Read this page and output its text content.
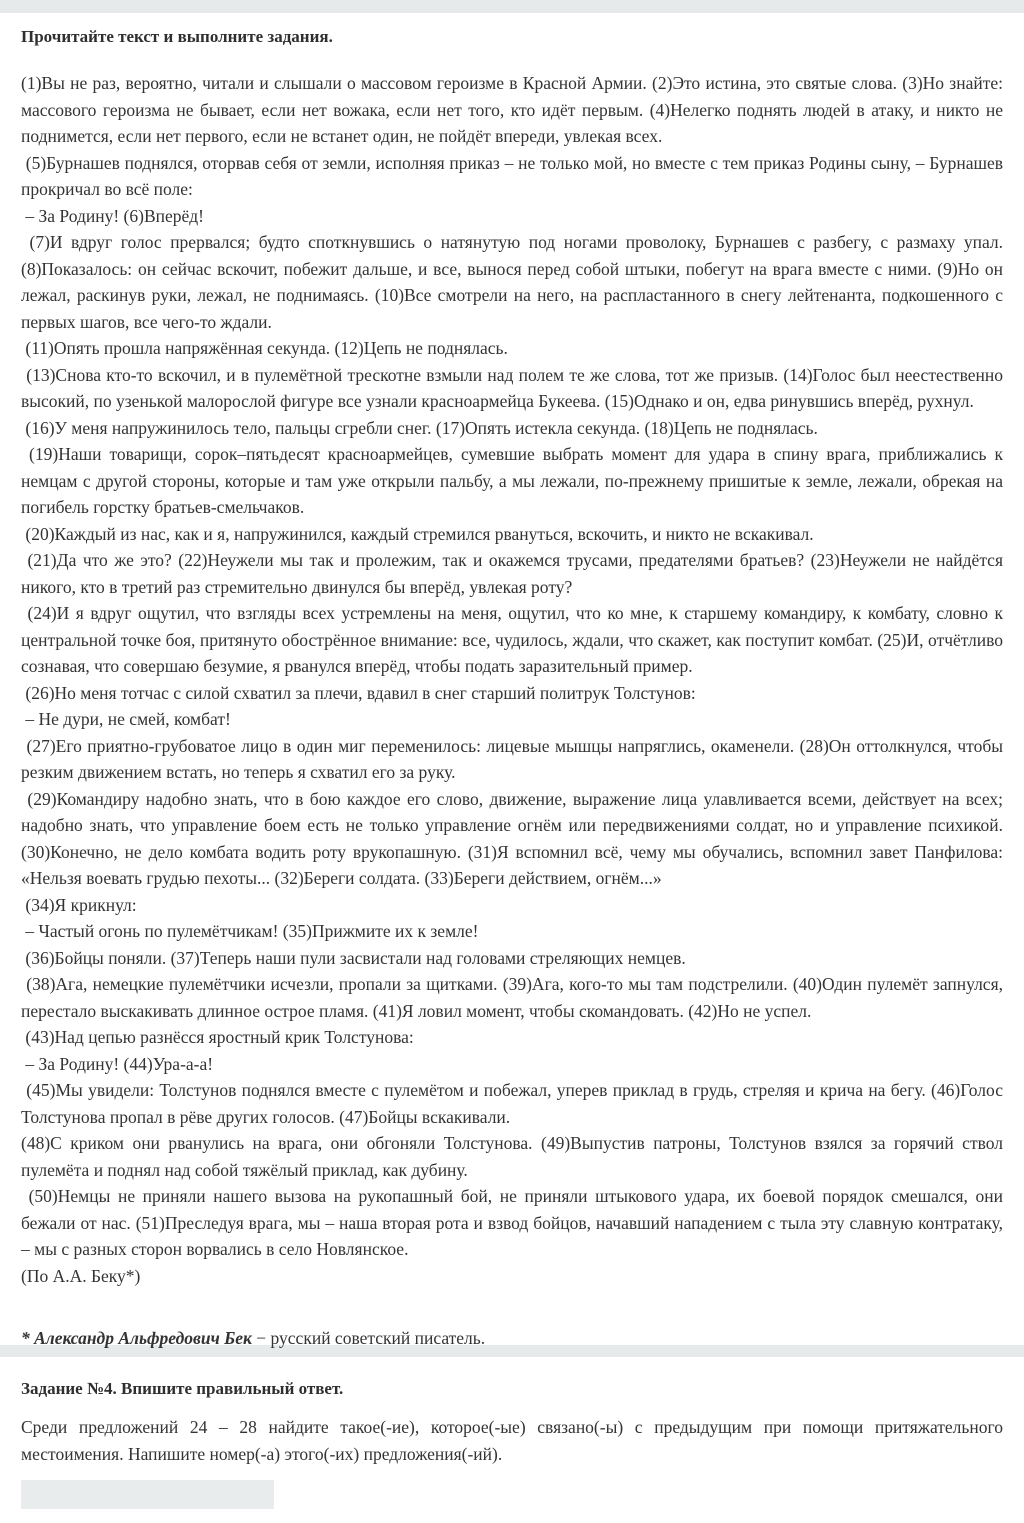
Прочитайте текст и выполните задания.

(1)Вы не раз, вероятно, читали и слышали о массовом героизме в Красной Армии. (2)Это истина, это святые слова. (3)Но знайте: массового героизма не бывает, если нет вожака, если нет того, кто идёт первым. (4)Нелегко поднять людей в атаку, и никто не поднимется, если нет первого, если не встанет один, не пойдёт впереди, увлекая всех.

(5)Бурнашев поднялся, оторвав себя от земли, исполняя приказ – не только мой, но вместе с тем приказ Родины сыну, – Бурнашев прокричал во всё поле:

– За Родину! (6)Вперёд!

(7)И вдруг голос прервался; будто споткнувшись о натянутую под ногами проволоку, Бурнашев с разбегу, с размаху упал. (8)Показалось: он сейчас вскочит, побежит дальше, и все, вынося перед собой штыки, побегут на врага вместе с ними. (9)Но он лежал, раскинув руки, лежал, не поднимаясь. (10)Все смотрели на него, на распластанного в снегу лейтенанта, подкошенного с первых шагов, все чего-то ждали.

(11)Опять прошла напряжённая секунда. (12)Цепь не поднялась.

(13)Снова кто-то вскочил, и в пулемётной трескотне взмыли над полем те же слова, тот же призыв. (14)Голос был неестественно высокий, по узенькой малорослой фигуре все узнали красноармейца Букеева. (15)Однако и он, едва ринувшись вперёд, рухнул.

(16)У меня напружинилось тело, пальцы сгребли снег. (17)Опять истекла секунда. (18)Цепь не поднялась.

(19)Наши товарищи, сорок–пятьдесят красноармейцев, сумевшие выбрать момент для удара в спину врага, приближались к немцам с другой стороны, которые и там уже открыли пальбу, а мы лежали, по-прежнему пришитые к земле, лежали, обрекая на погибель горстку братьев-смельчаков.

(20)Каждый из нас, как и я, напружинился, каждый стремился рвануться, вскочить, и никто не вскакивал.

(21)Да что же это? (22)Неужели мы так и пролежим, так и окажемся трусами, предателями братьев? (23)Неужели не найдётся никого, кто в третий раз стремительно двинулся бы вперёд, увлекая роту?

(24)И я вдруг ощутил, что взгляды всех устремлены на меня, ощутил, что ко мне, к старшему командиру, к комбату, словно к центральной точке боя, притянуто обострённое внимание: все, чудилось, ждали, что скажет, как поступит комбат. (25)И, отчётливо сознавая, что совершаю безумие, я рванулся вперёд, чтобы подать заразительный пример.

(26)Но меня тотчас с силой схватил за плечи, вдавил в снег старший политрук Толстунов:

– Не дури, не смей, комбат!

(27)Его приятно-грубоватое лицо в один миг переменилось: лицевые мышцы напряглись, окаменели. (28)Он оттолкнулся, чтобы резким движением встать, но теперь я схватил его за руку.

(29)Командиру надобно знать, что в бою каждое его слово, движение, выражение лица улавливается всеми, действует на всех; надобно знать, что управление боем есть не только управление огнём или передвижениями солдат, но и управление психикой. (30)Конечно, не дело комбата водить роту врукопашную. (31)Я вспомнил всё, чему мы обучались, вспомнил завет Панфилова: «Нельзя воевать грудью пехоты... (32)Береги солдата. (33)Береги действием, огнём...»

(34)Я крикнул:

– Частый огонь по пулемётчикам! (35)Прижмите их к земле!

(36)Бойцы поняли. (37)Теперь наши пули засвистали над головами стреляющих немцев.

(38)Ага, немецкие пулемётчики исчезли, пропали за щитками. (39)Ага, кого-то мы там подстрелили. (40)Один пулемёт запнулся, перестало выскакивать длинное острое пламя. (41)Я ловил момент, чтобы скомандовать. (42)Но не успел.

(43)Над цепью разнёсся яростный крик Толстунова:

– За Родину! (44)Ура-а-а!

(45)Мы увидели: Толстунов поднялся вместе с пулемётом и побежал, уперев приклад в грудь, стреляя и крича на бегу. (46)Голос Толстунова пропал в рёве других голосов. (47)Бойцы вскакивали.

(48)С криком они рванулись на врага, они обгоняли Толстунова. (49)Выпустив патроны, Толстунов взялся за горячий ствол пулемёта и поднял над собой тяжёлый приклад, как дубину.

(50)Немцы не приняли нашего вызова на рукопашный бой, не приняли штыкового удара, их боевой порядок смешался, они бежали от нас. (51)Преследуя врага, мы – наша вторая рота и взвод бойцов, начавший нападением с тыла эту славную контратаку, – мы с разных сторон ворвались в село Новлянское.

(По А.А. Беку*)

* Александр Альфредович Бек − русский советский писатель.

Задание №4. Впишите правильный ответ.

Среди предложений 24 – 28 найдите такое(-ие), которое(-ые) связано(-ы) с предыдущим при помощи притяжательного местоимения. Напишите номер(-а) этого(-их) предложения(-ий).
